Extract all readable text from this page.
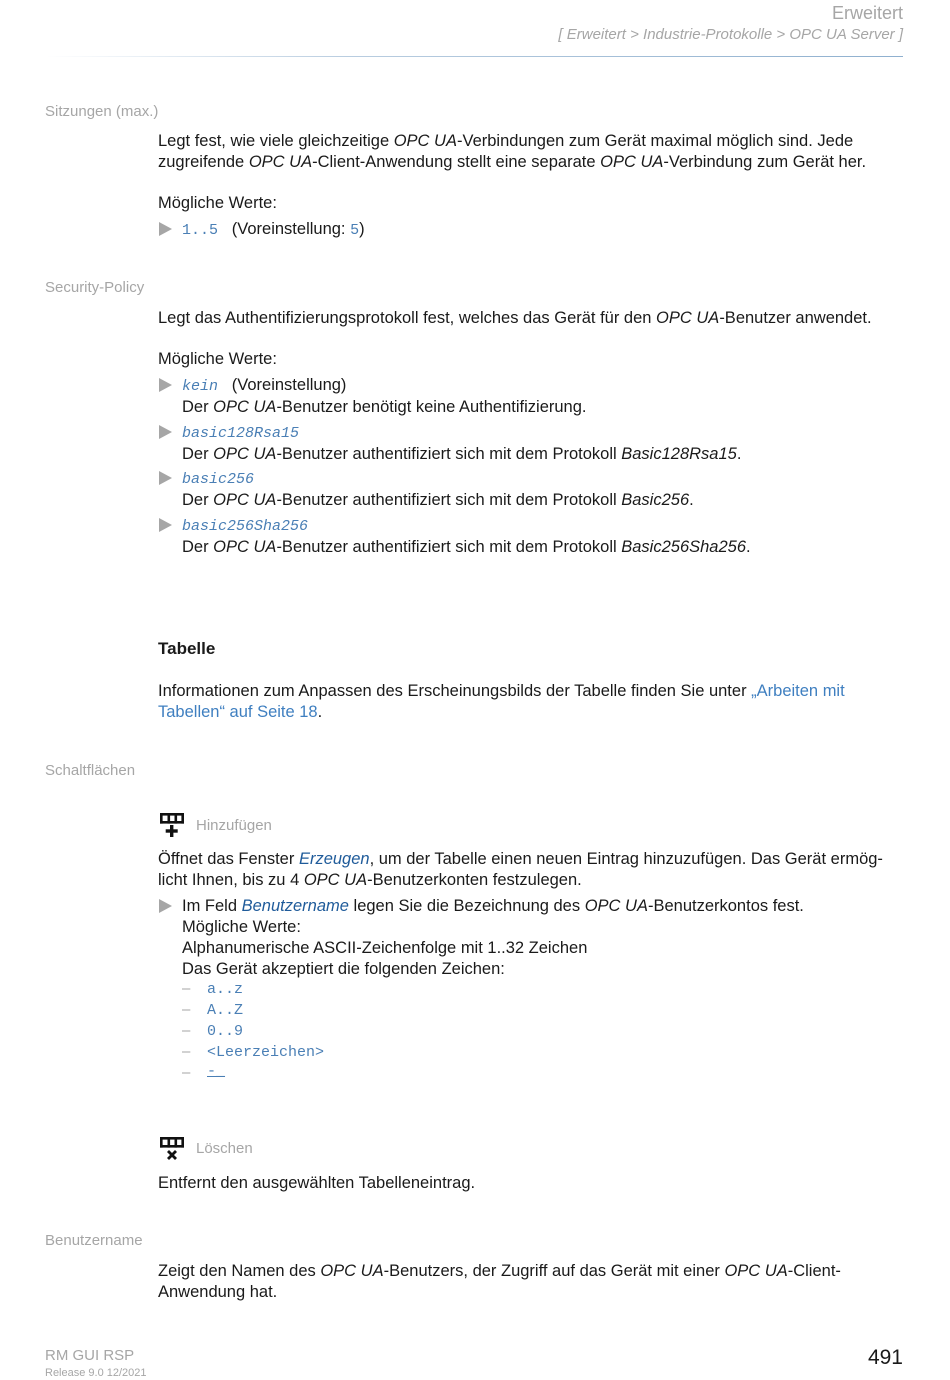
Erweitert
[ Erweitert > Industrie-Protokolle > OPC UA Server ]
Sitzungen (max.)
Legt fest, wie viele gleichzeitige OPC UA-Verbindungen zum Gerät maximal möglich sind. Jede zugreifende OPC UA-Client-Anwendung stellt eine separate OPC UA-Verbindung zum Gerät her.
Mögliche Werte:
1..5 (Voreinstellung: 5)
Security-Policy
Legt das Authentifizierungsprotokoll fest, welches das Gerät für den OPC UA-Benutzer anwendet.
Mögliche Werte:
kein (Voreinstellung)
Der OPC UA-Benutzer benötigt keine Authentifizierung.
basic128Rsa15
Der OPC UA-Benutzer authentifiziert sich mit dem Protokoll Basic128Rsa15.
basic256
Der OPC UA-Benutzer authentifiziert sich mit dem Protokoll Basic256.
basic256Sha256
Der OPC UA-Benutzer authentifiziert sich mit dem Protokoll Basic256Sha256.
Tabelle
Informationen zum Anpassen des Erscheinungsbilds der Tabelle finden Sie unter „Arbeiten mit Tabellen“ auf Seite 18.
Schaltflächen
Hinzufügen
Öffnet das Fenster Erzeugen, um der Tabelle einen neuen Eintrag hinzuzufügen. Das Gerät ermöglicht Ihnen, bis zu 4 OPC UA-Benutzerkonten festzulegen.
Im Feld Benutzername legen Sie die Bezeichnung des OPC UA-Benutzerkontos fest.
Mögliche Werte:
Alphanumerische ASCII-Zeichenfolge mit 1..32 Zeichen
Das Gerät akzeptiert die folgenden Zeichen:
– a..z
– A..Z
– 0..9
– <Leerzeichen>
– -_
Löschen
Entfernt den ausgewählten Tabelleneintrag.
Benutzername
Zeigt den Namen des OPC UA-Benutzers, der Zugriff auf das Gerät mit einer OPC UA-Client-Anwendung hat.
RM GUI RSP
Release 9.0 12/2021
491
